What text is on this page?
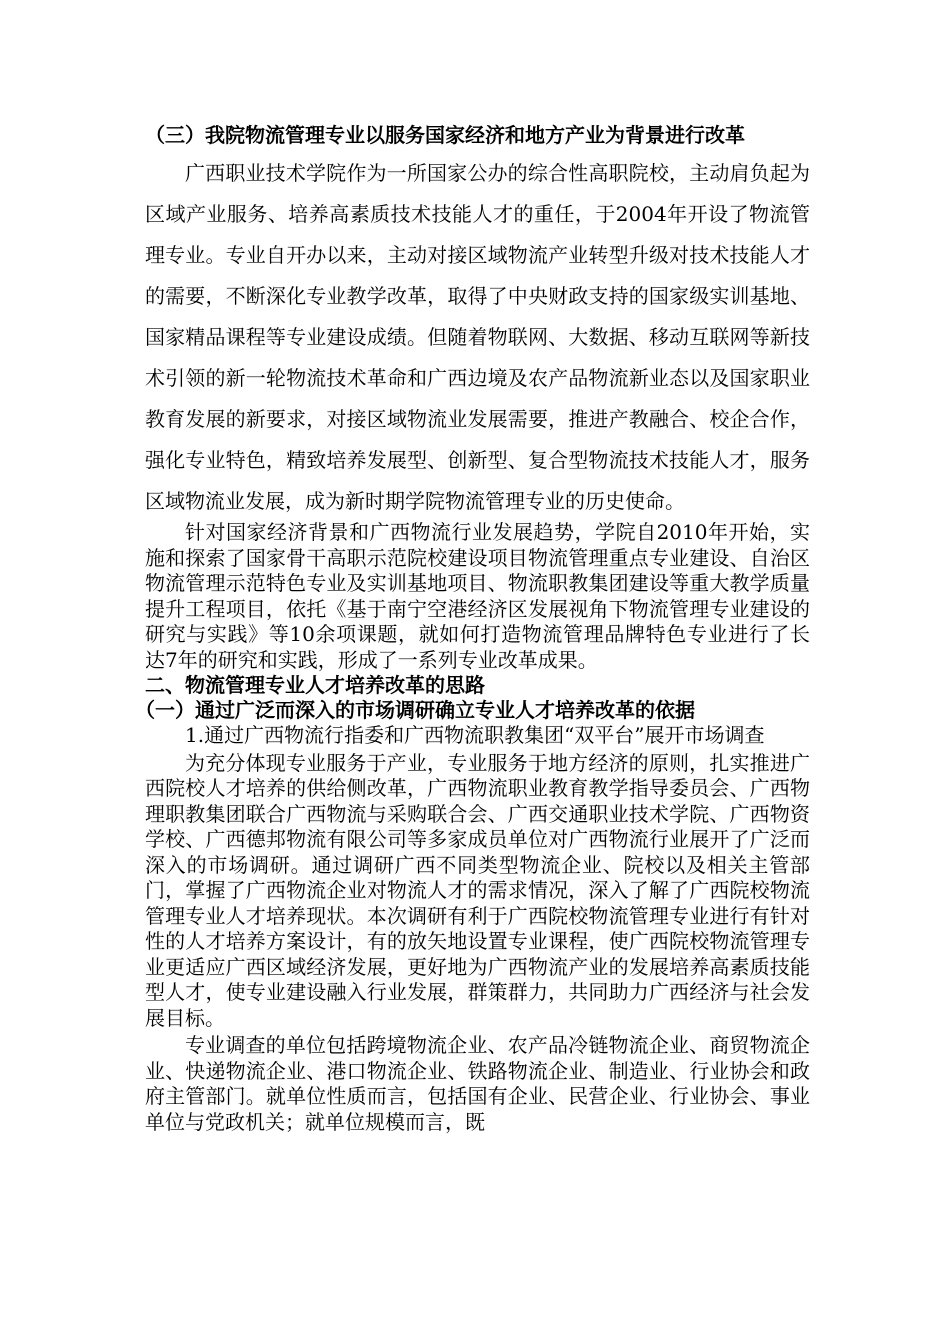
（三）我院物流管理专业以服务国家经济和地方产业为背景进行改革

广西职业技术学院作为一所国家公办的综合性高职院校，主动肩负起为区域产业服务、培养高素质技术技能人才的重任，于2004年开设了物流管理专业。专业自开办以来，主动对接区域物流产业转型升级对技术技能人才的需要，不断深化专业教学改革，取得了中央财政支持的国家级实训基地、国家精品课程等专业建设成绩。但随着物联网、大数据、移动互联网等新技术引领的新一轮物流技术革命和广西边境及农产品物流新业态以及国家职业教育发展的新要求，对接区域物流业发展需要，推进产教融合、校企合作，强化专业特色，精致培养发展型、创新型、复合型物流技术技能人才，服务区域物流业发展，成为新时期学院物流管理专业的历史使命。

针对国家经济背景和广西物流行业发展趋势，学院自2010年开始，实施和探索了国家骨干高职示范院校建设项目物流管理重点专业建设、自治区物流管理示范特色专业及实训基地项目、物流职教集团建设等重大教学质量提升工程项目，依托《基于南宁空港经济区发展视角下物流管理专业建设的研究与实践》等10余项课题，就如何打造物流管理品牌特色专业进行了长达7年的研究和实践，形成了一系列专业改革成果。

二、物流管理专业人才培养改革的思路

（一）通过广泛而深入的市场调研确立专业人才培养改革的依据

1.通过广西物流行指委和广西物流职教集团“双平台”展开市场调查

为充分体现专业服务于产业，专业服务于地方经济的原则，扎实推进广西院校人才培养的供给侧改革，广西物流职业教育教学指导委员会、广西物理职教集团联合广西物流与采购联合会、广西交通职业技术学院、广西物资学校、广西德邦物流有限公司等多家成员单位对广西物流行业展开了广泛而深入的市场调研。通过调研广西不同类型物流企业、院校以及相关主管部门，掌握了广西物流企业对物流人才的需求情况，深入了解了广西院校物流管理专业人才培养现状。本次调研有利于广西院校物流管理专业进行有针对性的人才培养方案设计，有的放矢地设置专业课程，使广西院校物流管理专业更适应广西区域经济发展，更好地为广西物流产业的发展培养高素质技能型人才，使专业建设融入行业发展，群策群力，共同助力广西经济与社会发展目标。

专业调查的单位包括跨境物流企业、农产品冷链物流企业、商贸物流企业、快递物流企业、港口物流企业、铁路物流企业、制造业、行业协会和政府主管部门。就单位性质而言，包括国有企业、民营企业、行业协会、事业单位与党政机关；就单位规模而言，既
